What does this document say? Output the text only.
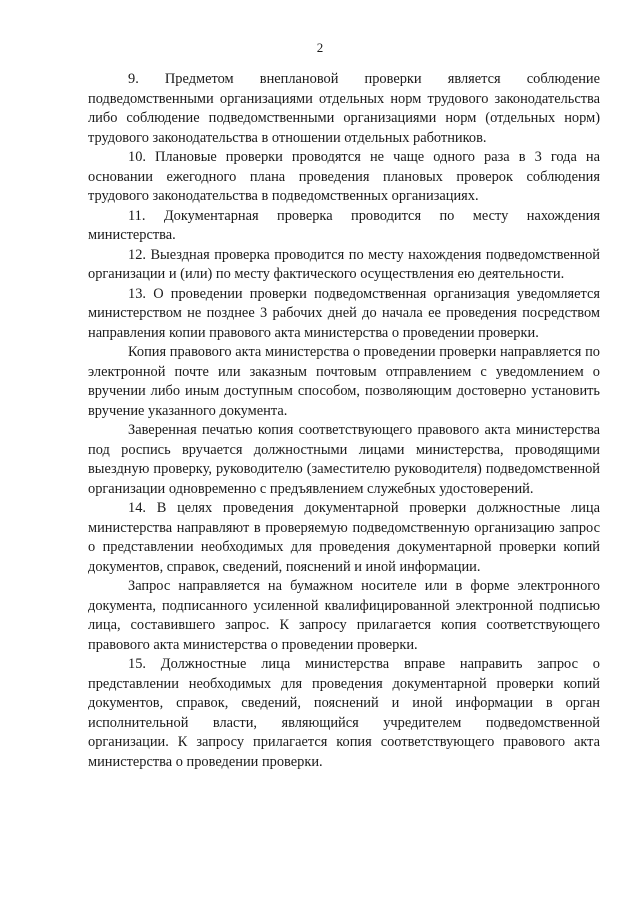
2

9. Предметом внеплановой проверки является соблюдение подведомственными организациями отдельных норм трудового законодательства либо соблюдение подведомственными организациями норм (отдельных норм) трудового законодательства в отношении отдельных работников.

10. Плановые проверки проводятся не чаще одного раза в 3 года на основании ежегодного плана проведения плановых проверок соблюдения трудового законодательства в подведомственных организациях.

11. Документарная проверка проводится по месту нахождения министерства.

12. Выездная проверка проводится по месту нахождения подведомственной организации и (или) по месту фактического осуществления ею деятельности.

13. О проведении проверки подведомственная организация уведомляется министерством не позднее 3 рабочих дней до начала ее проведения посредством направления копии правового акта министерства о проведении проверки.

Копия правового акта министерства о проведении проверки направляется по электронной почте или заказным почтовым отправлением с уведомлением о вручении либо иным доступным способом, позволяющим достоверно установить вручение указанного документа.

Заверенная печатью копия соответствующего правового акта министерства под роспись вручается должностными лицами министерства, проводящими выездную проверку, руководителю (заместителю руководителя) подведомственной организации одновременно с предъявлением служебных удостоверений.

14. В целях проведения документарной проверки должностные лица министерства направляют в проверяемую подведомственную организацию запрос о представлении необходимых для проведения документарной проверки копий документов, справок, сведений, пояснений и иной информации.

Запрос направляется на бумажном носителе или в форме электронного документа, подписанного усиленной квалифицированной электронной подписью лица, составившего запрос. К запросу прилагается копия соответствующего правового акта министерства о проведении проверки.

15. Должностные лица министерства вправе направить запрос о представлении необходимых для проведения документарной проверки копий документов, справок, сведений, пояснений и иной информации в орган исполнительной власти, являющийся учредителем подведомственной организации. К запросу прилагается копия соответствующего правового акта министерства о проведении проверки.
